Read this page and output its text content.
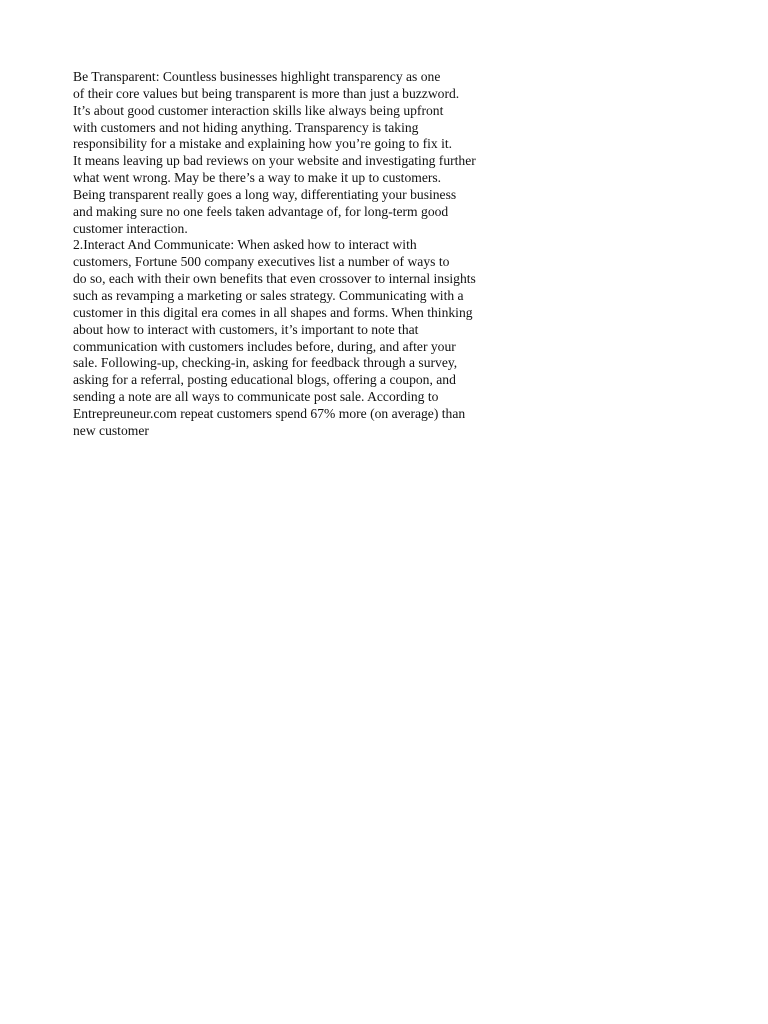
Be Transparent: Countless businesses highlight transparency as one
of their core values but being transparent is more than just a buzzword.
It’s about good customer interaction skills like always being upfront
with customers and not hiding anything. Transparency is taking
responsibility for a mistake and explaining how you’re going to fix it.
It means leaving up bad reviews on your website and investigating further
what went wrong. May be there’s a way to make it up to customers.
Being transparent really goes a long way, differentiating your business
and making sure no one feels taken advantage of, for long-term good
customer interaction.
2.Interact And Communicate: When asked how to interact with
customers, Fortune 500 company executives list a number of ways to
do so, each with their own benefits that even crossover to internal insights
such as revamping a marketing or sales strategy. Communicating with a
customer in this digital era comes in all shapes and forms. When thinking
about how to interact with customers, it’s important to note that
communication with customers includes before, during, and after your
sale. Following-up, checking-in, asking for feedback through a survey,
asking for a referral, posting educational blogs, offering a coupon, and
sending a note are all ways to communicate post sale. According to
Entrepreuneur.com repeat customers spend 67% more (on average) than
new customer
